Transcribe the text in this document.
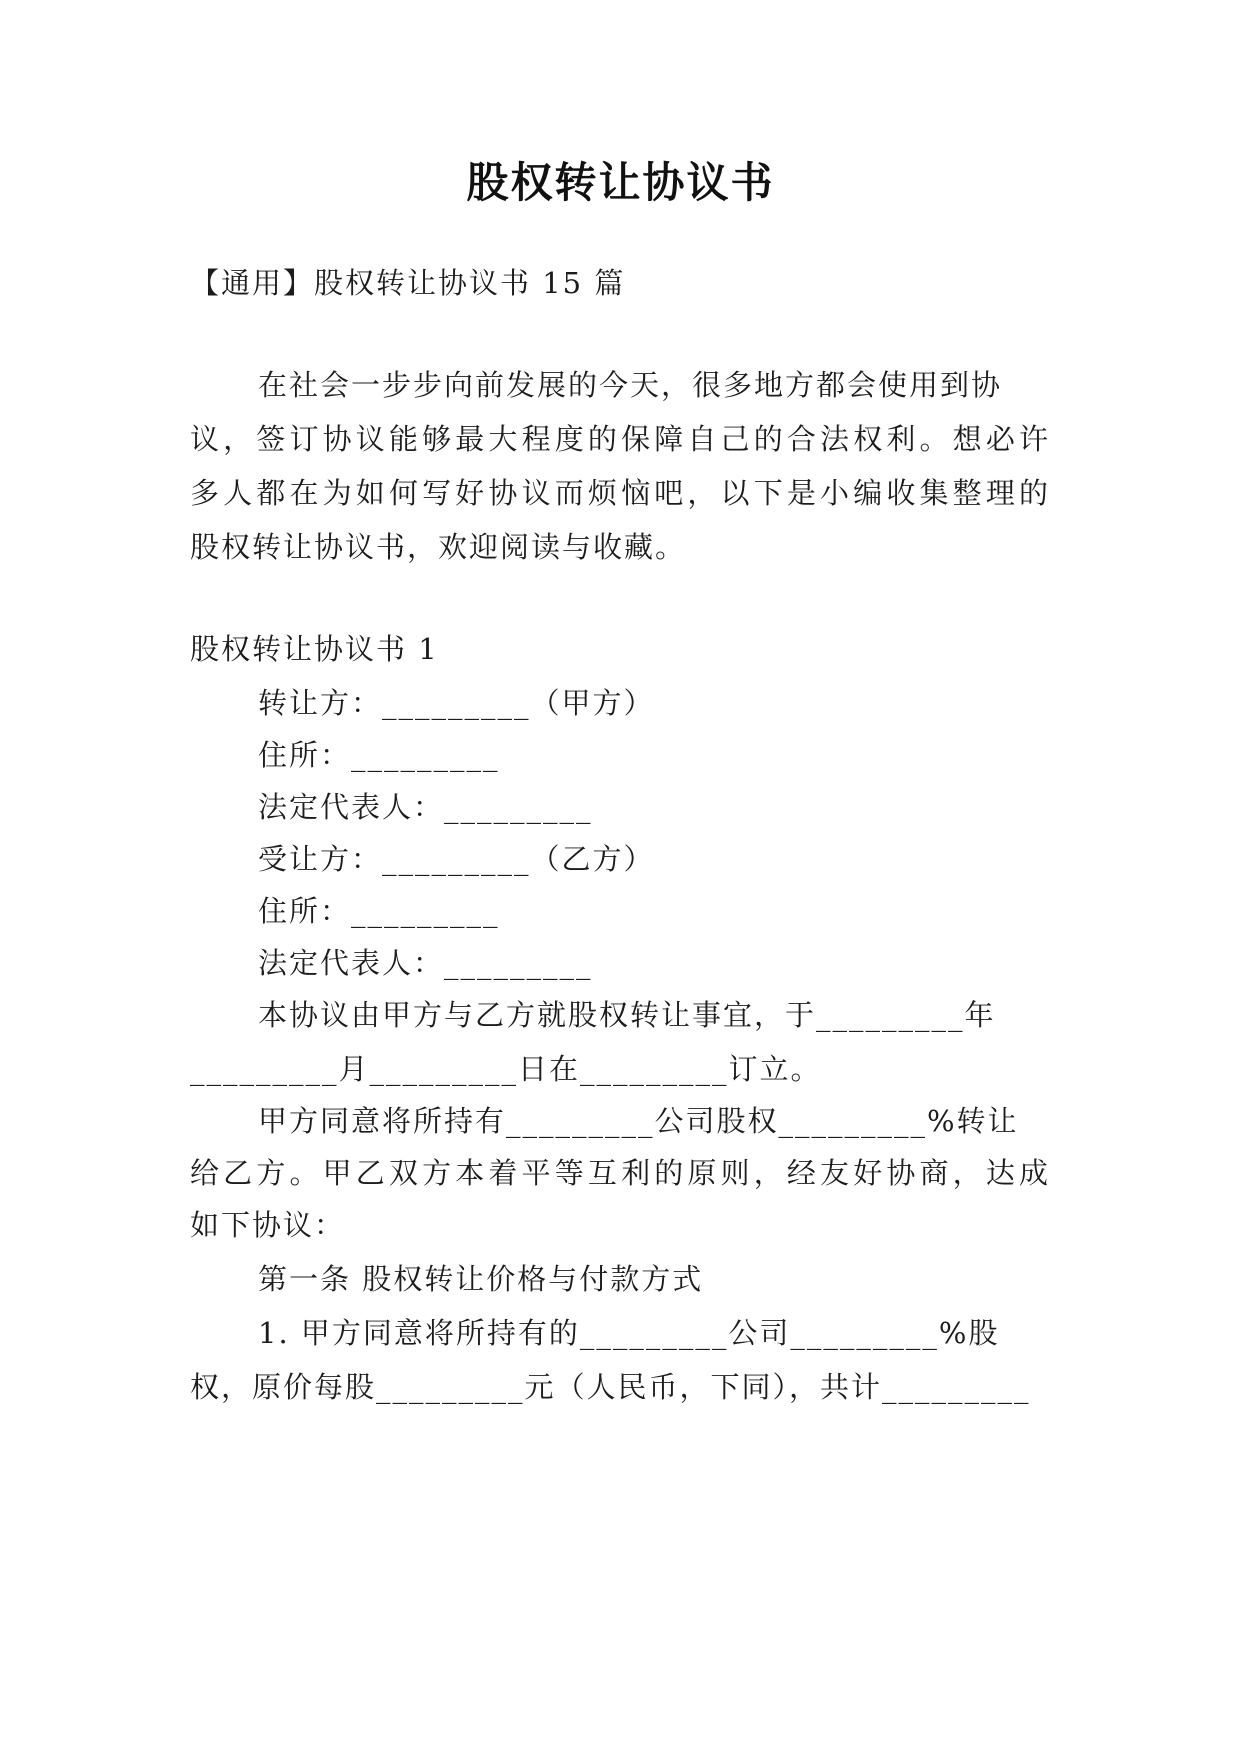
股权转让协议书
【通用】股权转让协议书 15 篇
在社会一步步向前发展的今天，很多地方都会使用到协
议，签订协议能够最大程度的保障自己的合法权利。想必许
多人都在为如何写好协议而烦恼吧，以下是小编收集整理的
股权转让协议书，欢迎阅读与收藏。
股权转让协议书 1
转让方：_________（甲方）
住所：_________
法定代表人：_________
受让方：_________（乙方）
住所：_________
法定代表人：_________
本协议由甲方与乙方就股权转让事宜，于_________年
_________月_________日在_________订立。
甲方同意将所持有_________公司股权_________%转让
给乙方。甲乙双方本着平等互利的原则，经友好协商，达成
如下协议：
第一条 股权转让价格与付款方式
1. 甲方同意将所持有的_________公司_________%股
权，原价每股_________元（人民币，下同），共计_________
